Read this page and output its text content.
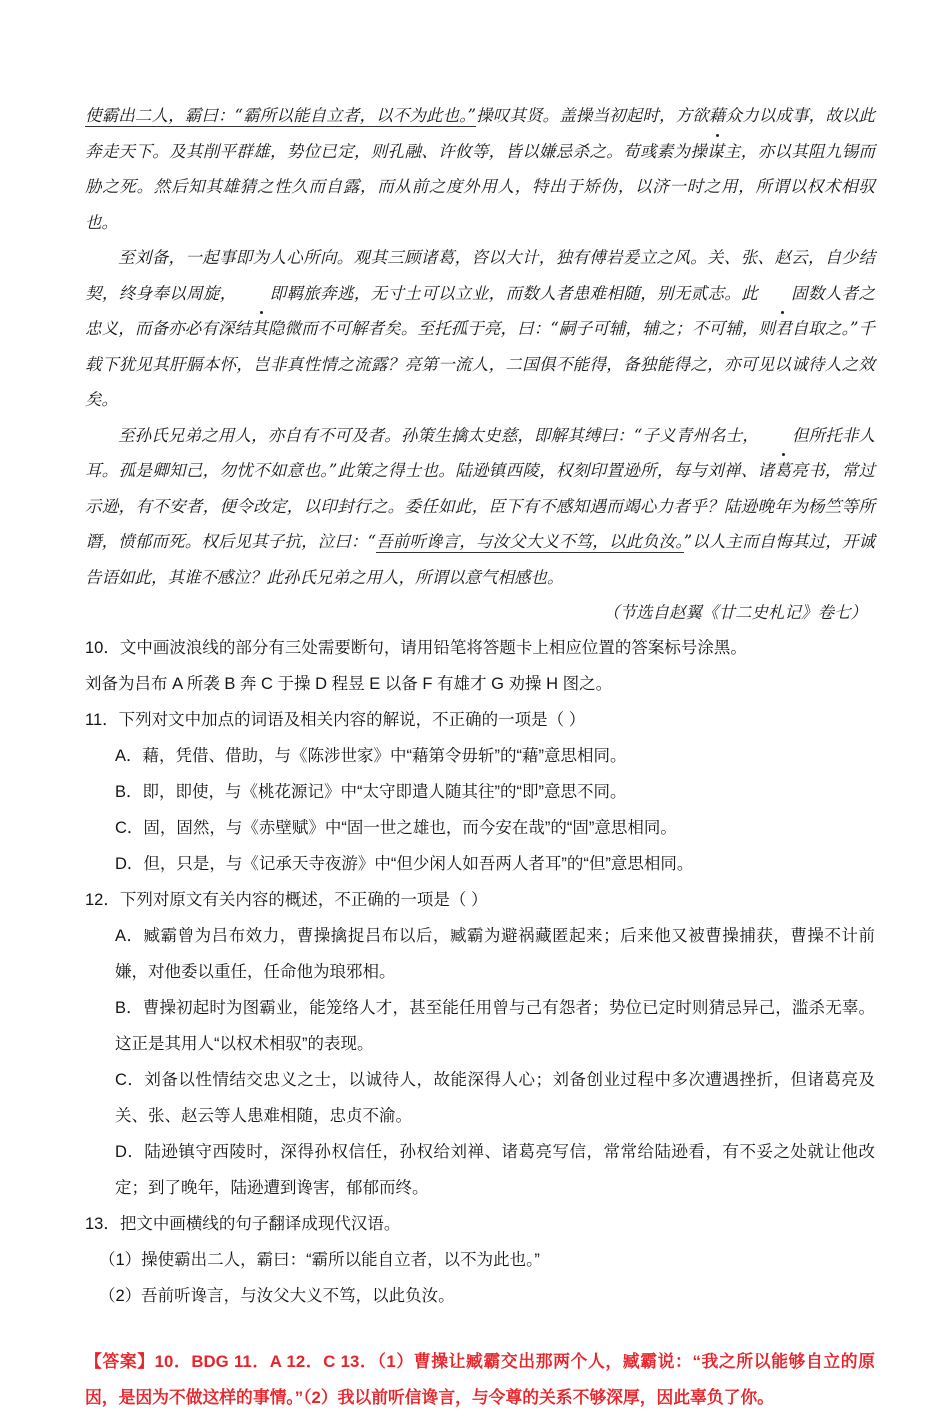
使霸出二人，霸曰：“霸所以能自立者，以不为此也。”操叹其贤。盖操当初起时，方欲藉众力以成事，故以此奔走天下。及其削平群雄，势位已定，则孔融、许攸等，皆以嫌忌杀之。荀彧素为操谋主，亦以其阻九锡而胁之死。然后知其雄猜之性久而自露，而从前之度外用人，特出于矫伪，以济一时之用，所谓以权术相驭也。

至刘备，一起事即为人心所向。观其三顾诸葛，咨以大计，独有傅岩爰立之风。关、张、赵云，自少结契，终身奉以周旋， 即羁旅奔逃，无寸土可以立业，而数人者患难相随，别无贰志。此 固数人者之忠义，而备亦必有深结其隐微而不可解者矣。至托孤于亮，曰：“嗣子可辅，辅之；不可辅，则君自取之。”千载下犹见其肝膈本怀，岂非真性情之流露？亮第一流人，二国俱不能得，备独能得之，亦可见以诚待人之效矣。

至孙氏兄弟之用人，亦自有不可及者。孙策生擒太史慈，即解其缚曰：“子义青州名士， 但所托非人耳。孤是卿知己，勿忧不如意也。”此策之得士也。陆逊镇西陵，权刻印置逊所，每与刘禅、诸葛亮书，常过示逊，有不安者，便令改定，以印封行之。委任如此，臣下有不感知遇而竭心力者乎？陆逊晚年为杨竺等所谮，愤郁而死。权后见其子抗，泣曰：“吾前听谗言，与汝父大义不笃，以此负汝。”以人主而自悔其过，开诚告语如此，其谁不感泣？此孙氏兄弟之用人，所谓以意气相感也。

（节选自赵翼《廿二史札记》卷七）

10．文中画波浪线的部分有三处需要断句，请用铅笔将答题卡上相应位置的答案标号涂黑。

刘备为吕布 A 所袭 B 奔 C 于操 D 程昱 E 以备 F 有雄才 G 劝操 H 图之。

11．下列对文中加点的词语及相关内容的解说，不正确的一项是（ ）

A．藉，凭借、借助，与《陈涉世家》中“藉第令毋斩”的“藉”意思相同。

B．即，即使，与《桃花源记》中“太守即遣人随其往”的“即”意思不同。

C．固，固然，与《赤壁赋》中“固一世之雄也，而今安在哉”的“固”意思相同。

D．但，只是，与《记承天寺夜游》中“但少闲人如吾两人者耳”的“但”意思相同。

12．下列对原文有关内容的概述，不正确的一项是（ ）

A．臧霸曾为吕布效力，曹操擒捉吕布以后，臧霸为避祸藏匿起来；后来他又被曹操捕获，曹操不计前嫌，对他委以重任，任命他为琅邪相。

B．曹操初起时为图霸业，能笼络人才，甚至能任用曾与己有怨者；势位已定时则猜忌异己，滥杀无辜。这正是其用人“以权术相驭”的表现。

C．刘备以性情结交忠义之士，以诚待人，故能深得人心；刘备创业过程中多次遭遇挫折，但诸葛亮及关、张、赵云等人患难相随，忠贞不渝。

D．陆逊镇守西陵时，深得孙权信任，孙权给刘禅、诸葛亮写信，常常给陆逊看，有不妥之处就让他改定；到了晚年，陆逊遭到谗害，郁郁而终。

13．把文中画横线的句子翻译成现代汉语。

（1）操使霸出二人，霸曰：“霸所以能自立者，以不为此也。”

（2）吾前听谗言，与汝父大义不笃，以此负汝。

【答案】10．BDG 11．A 12．C 13．（1）曹操让臧霸交出那两个人，臧霸说：“我之所以能够自立的原因，是因为不做这样的事情。”（2）我以前听信谗言，与令尊的关系不够深厚，因此辜负了你。
